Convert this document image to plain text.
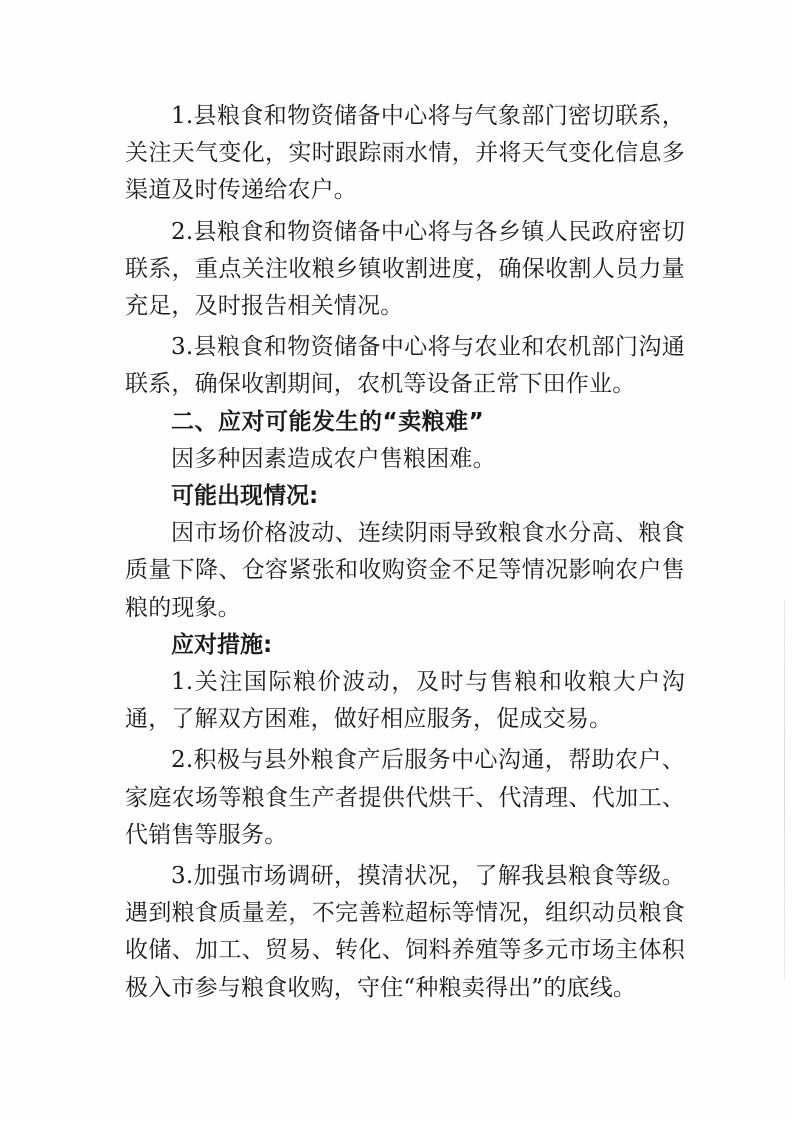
1.县粮食和物资储备中心将与气象部门密切联系，关注天气变化，实时跟踪雨水情，并将天气变化信息多渠道及时传递给农户。

2.县粮食和物资储备中心将与各乡镇人民政府密切联系，重点关注收粮乡镇收割进度，确保收割人员力量充足，及时报告相关情况。

3.县粮食和物资储备中心将与农业和农机部门沟通联系，确保收割期间，农机等设备正常下田作业。

二、应对可能发生的“卖粮难”

因多种因素造成农户售粮困难。

可能出现情况:

因市场价格波动、连续阴雨导致粮食水分高、粮食质量下降、仓容紧张和收购资金不足等情况影响农户售粮的现象。

应对措施:

1.关注国际粮价波动，及时与售粮和收粮大户沟通，了解双方困难，做好相应服务，促成交易。

2.积极与县外粮食产后服务中心沟通，帮助农户、家庭农场等粮食生产者提供代烘干、代清理、代加工、代销售等服务。

3.加强市场调研，摸清状况，了解我县粮食等级。遇到粮食质量差，不完善粒超标等情况，组织动员粮食收储、加工、贸易、转化、饲料养殖等多元市场主体积极入市参与粮食收购，守住“种粮卖得出”的底线。
